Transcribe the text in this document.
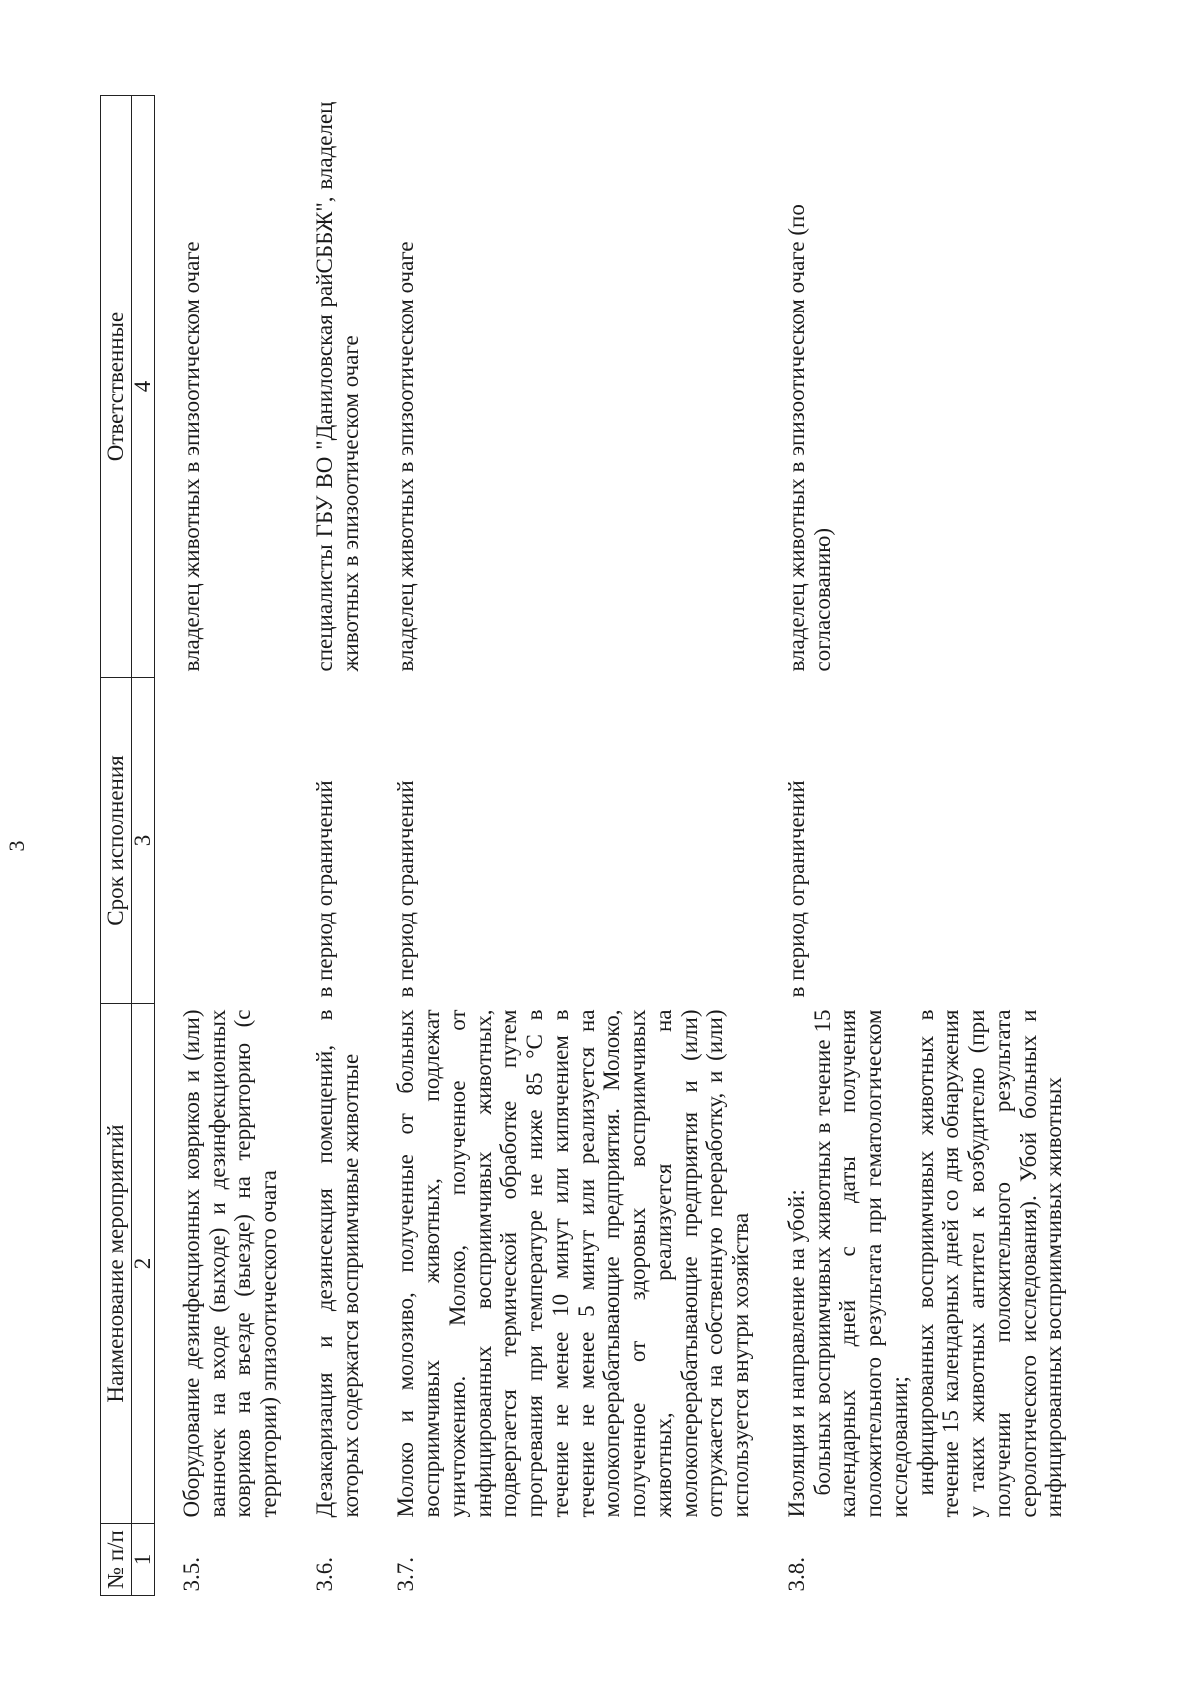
3
№ п/п	Наименование мероприятий	Срок исполнения	Ответственные
1	2	3	4
3.5.	Оборудование дезинфекционных ковриков и (или) ванночек на входе (выходе) и дезинфекционных ковриков на въезде (выезде) на территорию (с территории) эпизоотического очага		владелец животных в эпизоотическом очаге
3.6.	Дезакаризация и дезинсекция помещений, в которых содержатся восприимчивые животные	в период ограничений	специалисты ГБУ ВО "Даниловская райСББЖ", владелец животных в эпизоотическом очаге
3.7.	Молоко и молозиво, полученные от больных восприимчивых животных, подлежат уничтожению. Молоко, полученное от инфицированных восприимчивых животных, подвергается термической обработке путем прогревания при температуре не ниже 85 °C в течение не менее 10 минут или кипячением в течение не менее 5 минут или реализуется на молокоперерабатывающие предприятия. Молоко, полученное от здоровых восприимчивых животных, реализуется на молокоперерабатывающие предприятия и (или) отгружается на собственную переработку, и (или) используется внутри хозяйства	в период ограничений	владелец животных в эпизоотическом очаге
3.8.	Изоляция и направление на убой: больных восприимчивых животных в течение 15 календарных дней с даты получения положительного результата при гематологическом исследовании; инфицированных восприимчивых животных в течение 15 календарных дней со дня обнаружения у таких животных антител к возбудителю (при получении положительного результата серологического исследования). Убой больных и инфицированных восприимчивых животных	в период ограничений	владелец животных в эпизоотическом очаге (по согласованию)
